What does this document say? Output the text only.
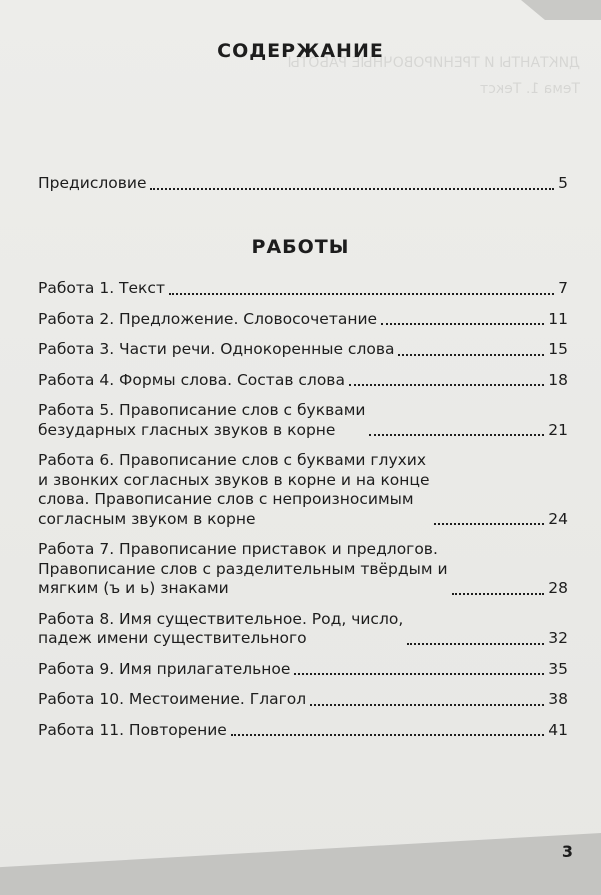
ДИКТАНТЫ И ТРЕНИРОВОЧНЫЕ РАБОТЫ
Тема 1. Текст
СОДЕРЖАНИЕ
Предисловие	5
РАБОТЫ
Работа 1. Текст	7
Работа 2. Предложение. Словосочетание	11
Работа 3. Части речи. Однокоренные слова	15
Работа 4. Формы слова. Состав слова	18
Работа 5. Правописание слов с буквами
безударных гласных звуков в корне	21
Работа 6. Правописание слов с буквами глухих
и звонких согласных звуков в корне и на конце
слова. Правописание слов с непроизносимым
согласным звуком в корне	24
Работа 7. Правописание приставок и предлогов.
Правописание слов с разделительным твёрдым и
мягким (ъ и ь) знаками	28
Работа 8. Имя существительное. Род, число,
падеж имени существительного	32
Работа 9. Имя прилагательное	35
Работа 10. Местоимение. Глагол	38
Работа 11. Повторение	41
3
